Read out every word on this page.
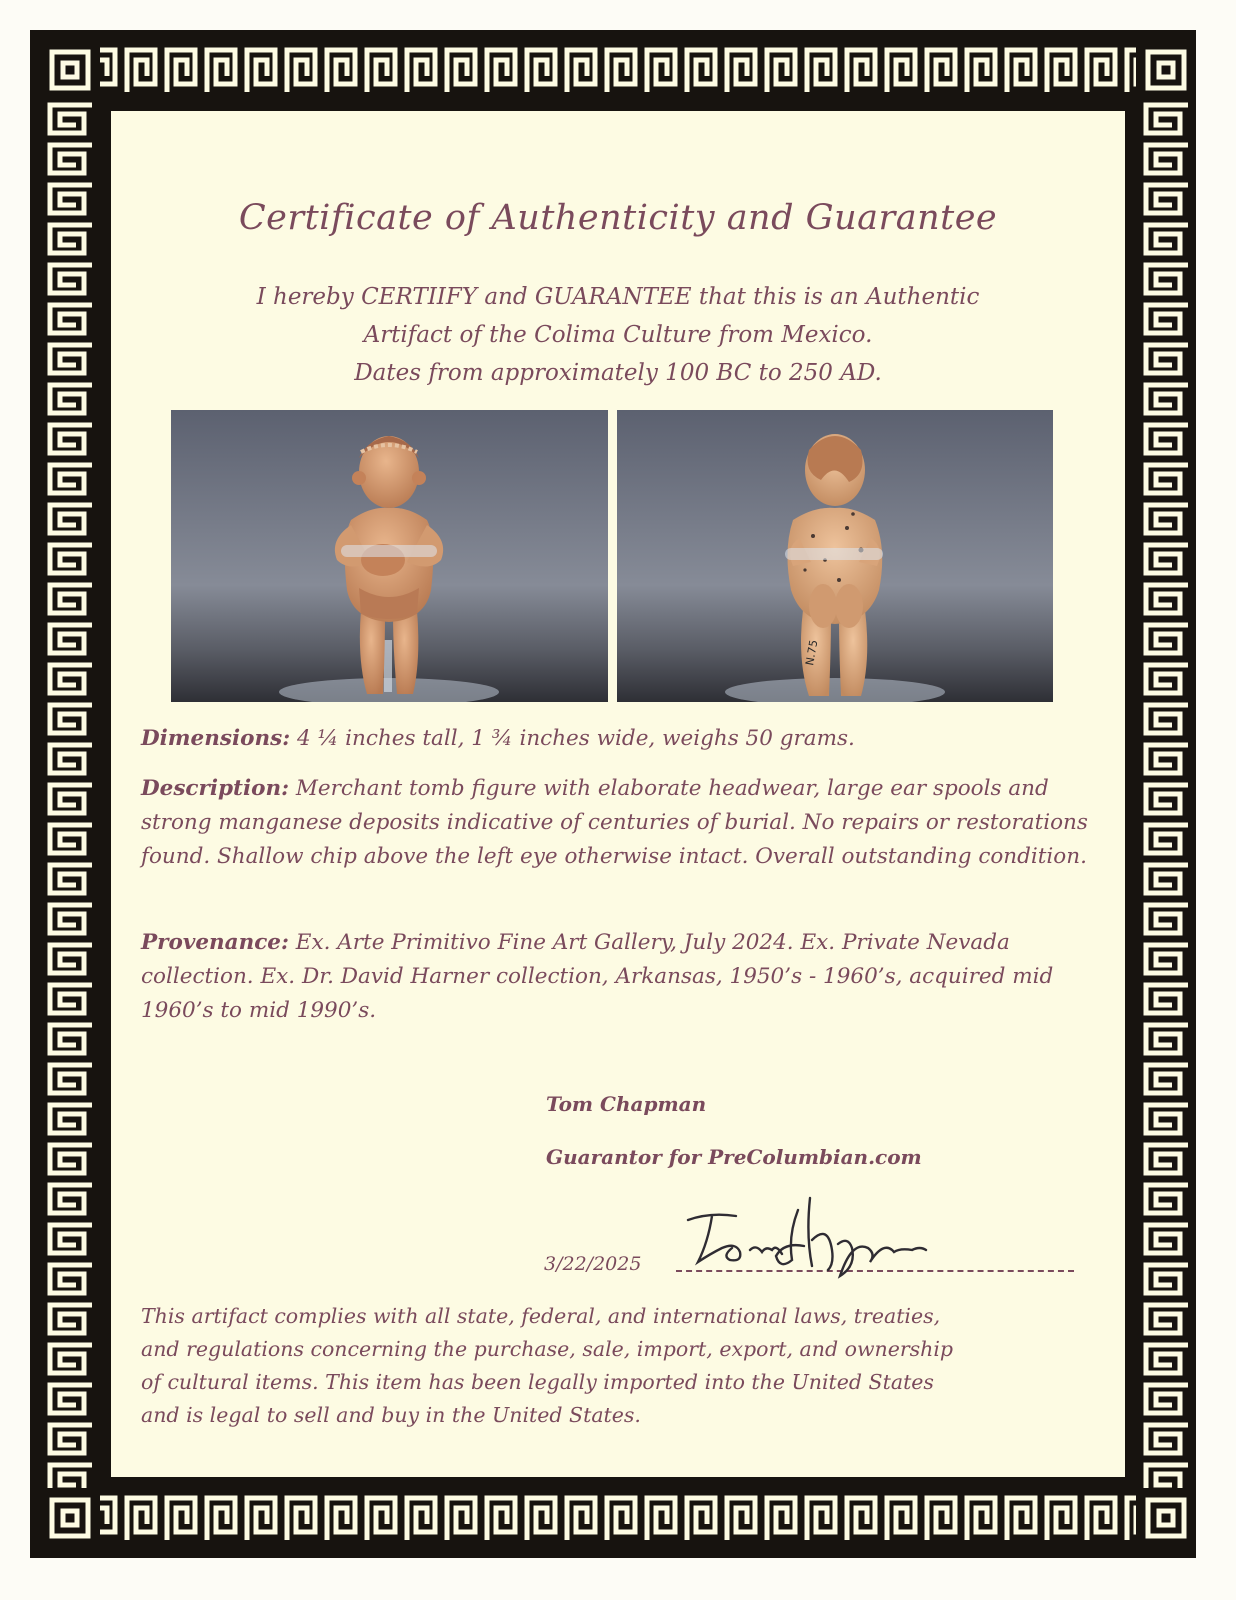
Certificate of Authenticity and Guarantee
I hereby CERTIIFY and GUARANTEE that this is an Authentic
Artifact of the Colima Culture from Mexico.
Dates from approximately 100 BC to 250 AD.
N.75
Dimensions: 4 ¼ inches tall, 1 ¾ inches wide, weighs 50 grams.
Description: Merchant tomb figure with elaborate headwear, large ear spools and strong manganese deposits indicative of centuries of burial. No repairs or restorations found. Shallow chip above the left eye otherwise intact. Overall outstanding condition.
Provenance: Ex. Arte Primitivo Fine Art Gallery, July 2024. Ex. Private Nevada collection. Ex. Dr. David Harner collection, Arkansas, 1950’s - 1960’s, acquired mid 1960’s to mid 1990’s.
Tom Chapman
Guarantor for PreColumbian.com
3/22/2025
This artifact complies with all state, federal, and international laws, treaties,
and regulations concerning the purchase, sale, import, export, and ownership
of cultural items. This item has been legally imported into the United States
and is legal to sell and buy in the United States.
